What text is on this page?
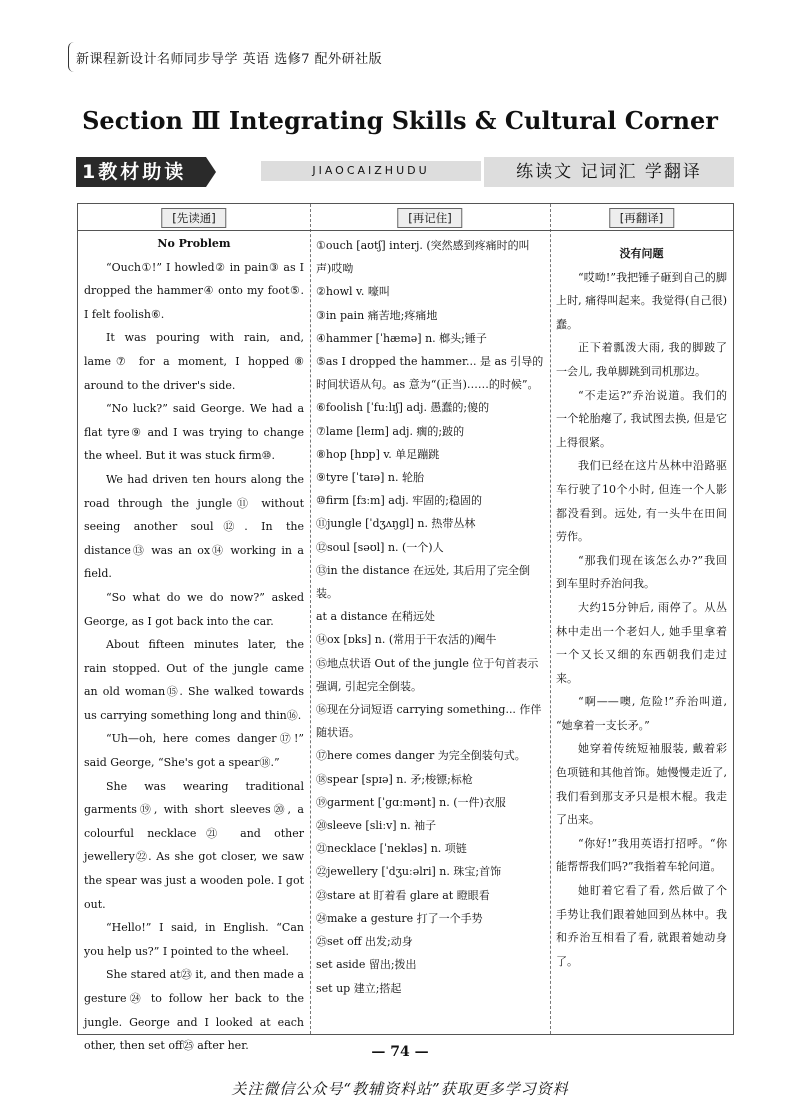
新课程新设计名师同步导学 英语 选修7 配外研社版
Section Ⅲ Integrating Skills & Cultural Corner
1教材助读	JIAOCAIZHUDU	练读文 记词汇 学翻译
[先读通]
No Problem
“Ouch①!” I howled② in pain③ as I dropped the hammer④ onto my foot⑤. I felt foolish⑥.
It was pouring with rain, and, lame⑦ for a moment, I hopped⑧ around to the driver's side.
“No luck?” said George. We had a flat tyre⑨ and I was trying to change the wheel. But it was stuck firm⑩.
We had driven ten hours along the road through the jungle⑪ without seeing another soul⑫. In the distance⑬ was an ox⑭ working in a field.
“So what do we do now?” asked George, as I got back into the car.
About fifteen minutes later, the rain stopped. Out of the jungle came an old woman⑮. She walked towards us carrying something long and thin⑯.
“Uh—oh, here comes danger⑰!” said George, “She's got a spear⑱.”
She was wearing traditional garments⑲, with short sleeves⑳, a colourful necklace㉑ and other jewellery㉒. As she got closer, we saw the spear was just a wooden pole. I got out.
“Hello!” I said, in English. “Can you help us?” I pointed to the wheel.
She stared at㉓ it, and then made a gesture㉔ to follow her back to the jungle. George and I looked at each other, then set off㉕ after her.
[再记住]
①ouch [aʊtʃ] interj. (突然感到疼痛时的叫声)哎呦
②howl v. 嚎叫
③in pain 痛苦地;疼痛地
④hammer [ˈhæmə] n. 榔头;锤子
⑤as I dropped the hammer... 是 as 引导的时间状语从句。as 意为“(正当)……的时候”。
⑥foolish [ˈfuːlɪʃ] adj. 愚蠢的;傻的
⑦lame [leɪm] adj. 瘸的;跛的
⑧hop [hɒp] v. 单足蹦跳
⑨tyre [ˈtaɪə] n. 轮胎
⑩firm [fɜːm] adj. 牢固的;稳固的
⑪jungle [ˈdʒʌŋgl] n. 热带丛林
⑫soul [səʊl] n. (一个)人
⑬in the distance 在远处, 其后用了完全倒装。
at a distance 在稍远处
⑭ox [ɒks] n. (常用于干农活的)阉牛
⑮地点状语 Out of the jungle 位于句首表示强调, 引起完全倒装。
⑯现在分词短语 carrying something... 作伴随状语。
⑰here comes danger 为完全倒装句式。
⑱spear [spɪə] n. 矛;梭镖;标枪
⑲garment [ˈgɑːmənt] n. (一件)衣服
⑳sleeve [sliːv] n. 袖子
㉑necklace [ˈnekləs] n. 项链
㉒jewellery [ˈdʒuːəlri] n. 珠宝;首饰
㉓stare at 盯着看 glare at 瞪眼看
㉔make a gesture 打了一个手势
㉕set off 出发;动身
set aside 留出;拨出
set up 建立;搭起
[再翻译]
没有问题
“哎呦!”我把锤子砸到自己的脚上时, 痛得叫起来。我觉得(自己很)蠢。
正下着瓢泼大雨, 我的脚跛了一会儿, 我单脚跳到司机那边。
“不走运?”乔治说道。我们的一个轮胎瘪了, 我试图去换, 但是它上得很紧。
我们已经在这片丛林中沿路驱车行驶了10个小时, 但连一个人影都没看到。远处, 有一头牛在田间劳作。
“那我们现在该怎么办?”我回到车里时乔治问我。
大约15分钟后, 雨停了。从丛林中走出一个老妇人, 她手里拿着一个又长又细的东西朝我们走过来。
“啊——噢, 危险!”乔治叫道, “她拿着一支长矛。”
她穿着传统短袖服装, 戴着彩色项链和其他首饰。她慢慢走近了, 我们看到那支矛只是根木棍。我走了出来。
“你好!”我用英语打招呼。“你能帮帮我们吗?”我指着车轮问道。
她盯着它看了看, 然后做了个手势让我们跟着她回到丛林中。我和乔治互相看了看, 就跟着她动身了。
— 74 —
关注微信公众号“教辅资料站”获取更多学习资料
